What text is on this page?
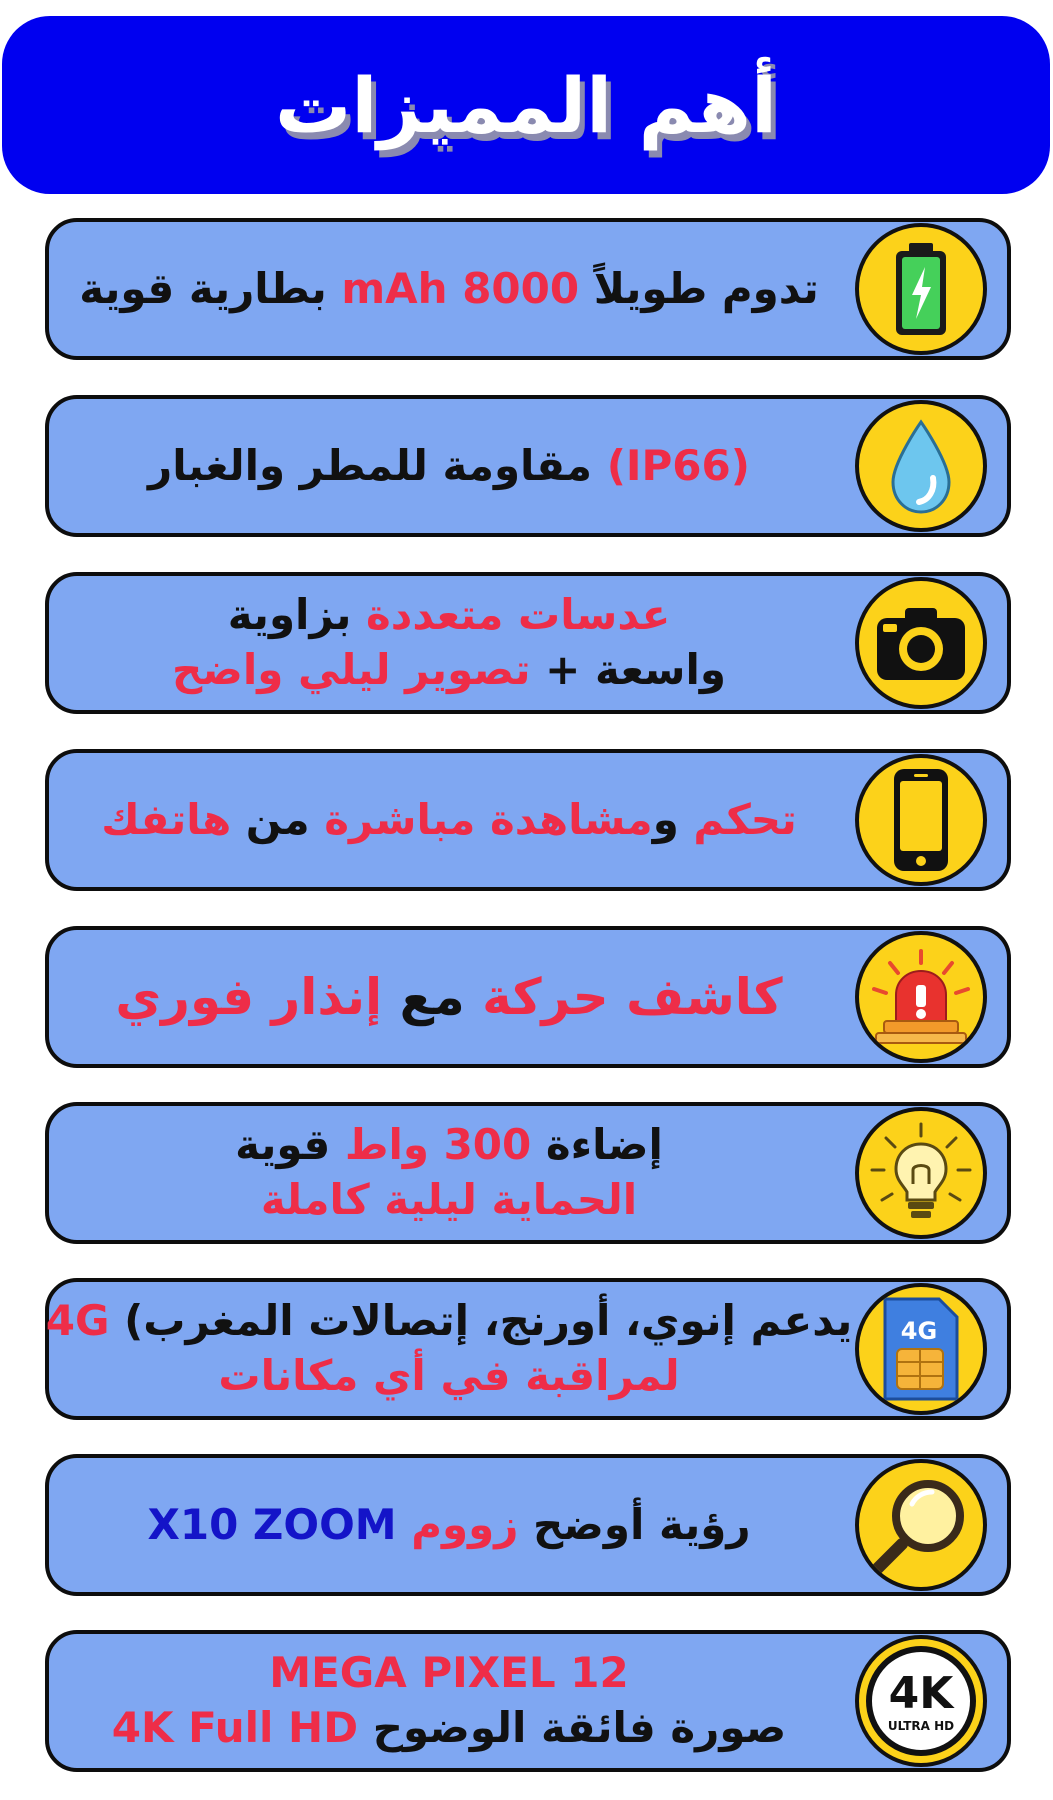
أهم المميزات
تدوم طويلاً 8000 mAh بطارية قوية
(IP66) مقاومة للمطر والغبار
عدسات متعددة بزاوية
واسعة + تصوير ليلي واضح
تحكم ومشاهدة مباشرة من هاتفك
كاشف حركة مع إنذار فوري
إضاءة 300 واط قوية
الحماية ليلية كاملة
يدعم إنوي، أورنج، إتصالات المغرب) 4G
لمراقبة في أي مكانات
4G
رؤية أوضح زووم X10 ZOOM
12 MEGA PIXEL
صورة فائقة الوضوح 4K Full HD
4K
ULTRA HD
